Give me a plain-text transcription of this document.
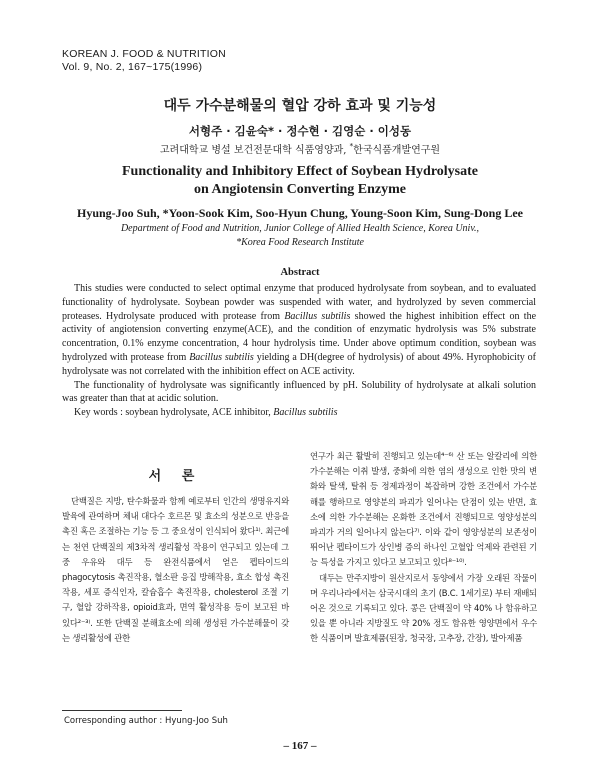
KOREAN J. FOOD & NUTRITION
Vol. 9, No. 2, 167~175(1996)
대두 가수분해물의 혈압 강하 효과 및 기능성
서형주 · 김윤숙* · 정수현 · 김영순 · 이성동
고려대학교 병설 보건전문대학 식품영양과, *한국식품개발연구원
Functionality and Inhibitory Effect of Soybean Hydrolysate
on Angiotensin Converting Enzyme
Hyung-Joo Suh, *Yoon-Sook Kim, Soo-Hyun Chung, Young-Soon Kim, Sung-Dong Lee
Department of Food and Nutrition, Junior College of Allied Health Science, Korea Univ.,
*Korea Food Research Institute
Abstract

This studies were conducted to select optimal enzyme that produced hydrolysate from soybean, and to evaluated functionality of hydrolysate. Soybean powder was suspended with water, and hydrolyzed by seven commercial proteases. Hydrolysate produced with protease from Bacillus subtilis showed the highest inhibition effect on the activity of angiotension converting enzyme(ACE), and the condition of enzymatic hydrolysis was 5% substrate concentration, 0.1% enzyme concentration, 4 hour hydrolysis time. Under above optimum condition, soybean was hydrolyzed with protease from Bacillus subtilis yielding a DH(degree of hydrolysis) of about 49%. Hyrophobicity of hydrolysate was not correlated with the inhibition effect on ACE activity.

The functionality of hydrolysate was significantly influenced by pH. Solubility of hydrolysate at alkali solution was greater than that at acidic solution.

Key words : soybean hydrolysate, ACE inhibitor, Bacillus subtilis

서 론

단백질은 지방, 탄수화물과 함께 예로부터 인간의 생명유지와 발육에 관여하며 체내 대다수 호르몬 및 효소의 성분으로 반응을 촉진 혹은 조절하는 기능 등 그 중요성이 인식되어 왔다¹⁾. 최근에는 천연 단백질의 제3차적 생리활성 작용이 연구되고 있는데 그중 우유와 대두 등 완전식품에서 얻은 펩타이드의 phagocytosis 촉진작용, 혈소판 응집 방해작용, 효소 합성 촉진작용, 세포 증식인자, 칼슘흡수 촉진작용, cholesterol 조절 기구, 혈압 강하작용, opioid효과, 면역 활성작용 등이 보고된 바 있다²⁻³⁾. 또한 단백질 분해효소에 의해 생성된 가수분해물이 갖는 생리활성에 관한

연구가 최근 활발히 진행되고 있는데⁴⁻⁶⁾ 산 또는 알칼리에 의한 가수분해는 이취 발생, 중화에 의한 염의 생성으로 인한 맛의 변화와 탈색, 탈취 등 정제과정이 복잡하며 강한 조건에서 가수분해를 행하므로 영양분의 파괴가 일어나는 단점이 있는 반면, 효소에 의한 가수분해는 온화한 조건에서 진행되므로 영양성분의 파괴가 거의 일어나지 않는다⁷⁾. 이와 같이 영양성분의 보존성이 뛰어난 펩타이드가 상인병 증의 하나인 고혈압 억제와 관련된 기능 특성을 가지고 있다고 보고되고 있다⁸⁻¹⁰⁾.

대두는 만주지방이 원산지로서 동양에서 가장 오래된 작물이며 우리나라에서는 삼국시대의 초기 (B.C. 1세기로) 부터 재배되어온 것으로 기록되고 있다. 콩은 단백질이 약 40% 나 함유하고 있을 뿐 아니라 지방질도 약 20% 정도 함유한 영양면에서 우수한 식품이며 발효제품(된장, 청국장, 고추장, 간장), 발아제품

Corresponding author : Hyung-Joo Suh
– 167 –
